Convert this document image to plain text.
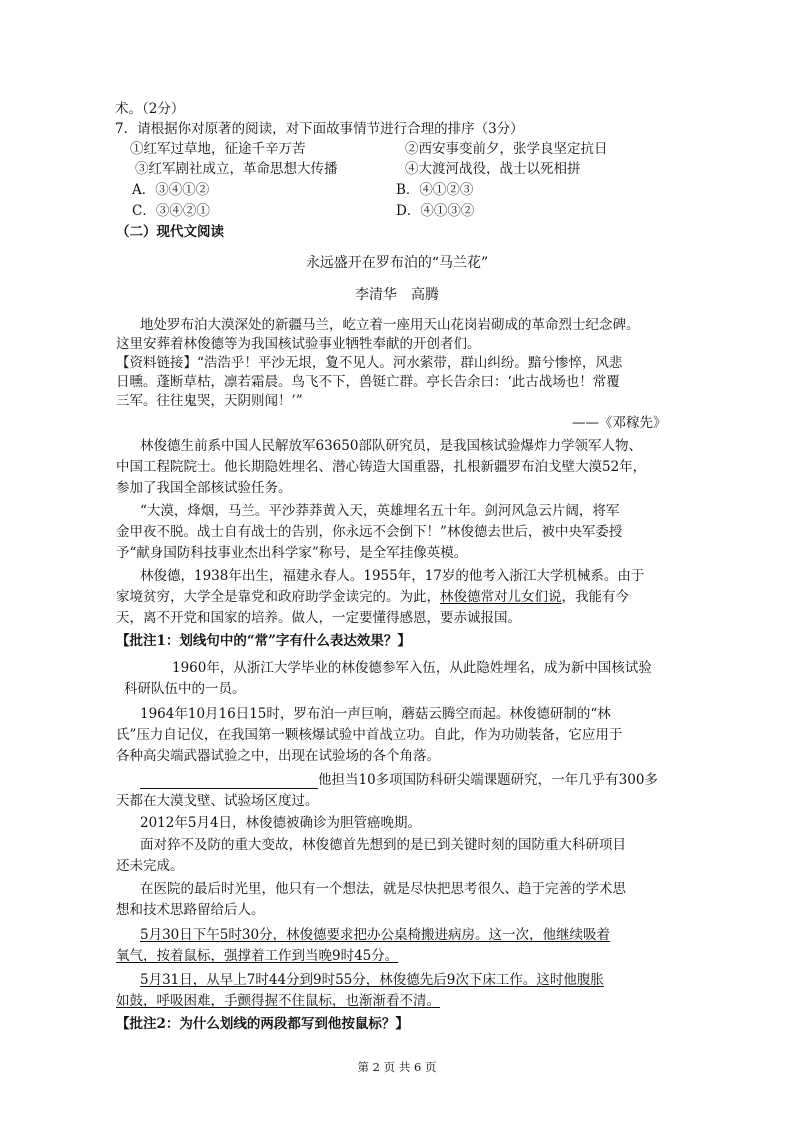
术。（2分）
7．请根据你对原著的阅读，对下面故事情节进行合理的排序（3分）
①红军过草地，征途千辛万苦	②西安事变前夕，张学良坚定抗日
③红军剧社成立，革命思想大传播	④大渡河战役，战士以死相拼
A．③④①②	B．④①②③
C．③④②①	D．④①③②
（二）现代文阅读
永远盛开在罗布泊的“马兰花”
李清华　高腾
地处罗布泊大漠深处的新疆马兰，屹立着一座用天山花岗岩砌成的革命烈士纪念碑。
这里安葬着林俊德等为我国核试验事业牺牲奉献的开创者们。
【资料链接】“浩浩乎！平沙无垠，夐不见人。河水萦带，群山纠纷。黯兮惨悴，风悲
日曛。蓬断草枯，凛若霜晨。鸟飞不下，兽铤亡群。亭长告余曰：‘此古战场也！常覆
三军。往往鬼哭，天阴则闻！’”
——《邓稼先》
林俊德生前系中国人民解放军63650部队研究员，是我国核试验爆炸力学领军人物、
中国工程院院士。他长期隐姓埋名、潜心铸造大国重器，扎根新疆罗布泊戈壁大漠52年，
参加了我国全部核试验任务。
“大漠，烽烟，马兰。平沙莽莽黄入天，英雄埋名五十年。剑河风急云片阔，将军
金甲夜不脱。战士自有战士的告别，你永远不会倒下！”林俊德去世后，被中央军委授
予“献身国防科技事业杰出科学家”称号，是全军挂像英模。
林俊德，1938年出生，福建永春人。1955年，17岁的他考入浙江大学机械系。由于
家境贫穷，大学全是靠党和政府助学金读完的。为此，林俊德常对儿女们说，我能有今
天，离不开党和国家的培养。做人，一定要懂得感恩，要赤诚报国。
【批注1：划线句中的“常”字有什么表达效果？】
1960年，从浙江大学毕业的林俊德参军入伍，从此隐姓埋名，成为新中国核试验
科研队伍中的一员。
1964年10月16日15时，罗布泊一声巨响，蘑菇云腾空而起。林俊德研制的“林
氏”压力自记仪，在我国第一颗核爆试验中首战立功。自此，作为功勋装备，它应用于
各种高尖端武器试验之中，出现在试验场的各个角落。
他担当10多项国防科研尖端课题研究，一年几乎有300多
天都在大漠戈壁、试验场区度过。
2012年5月4日，林俊德被确诊为胆管癌晚期。
面对猝不及防的重大变故，林俊德首先想到的是已到关键时刻的国防重大科研项目
还未完成。
在医院的最后时光里，他只有一个想法，就是尽快把思考很久、趋于完善的学术思
想和技术思路留给后人。
5月30日下午5时30分，林俊德要求把办公桌椅搬进病房。这一次，他继续吸着
氧气，按着鼠标，强撑着工作到当晚9时45分。
5月31日，从早上7时44分到9时55分，林俊德先后9次下床工作。这时他腹胀
如鼓，呼吸困难，手颤得握不住鼠标，也渐渐看不清。
【批注2：为什么划线的两段都写到他按鼠标？】
第 2 页 共 6 页
